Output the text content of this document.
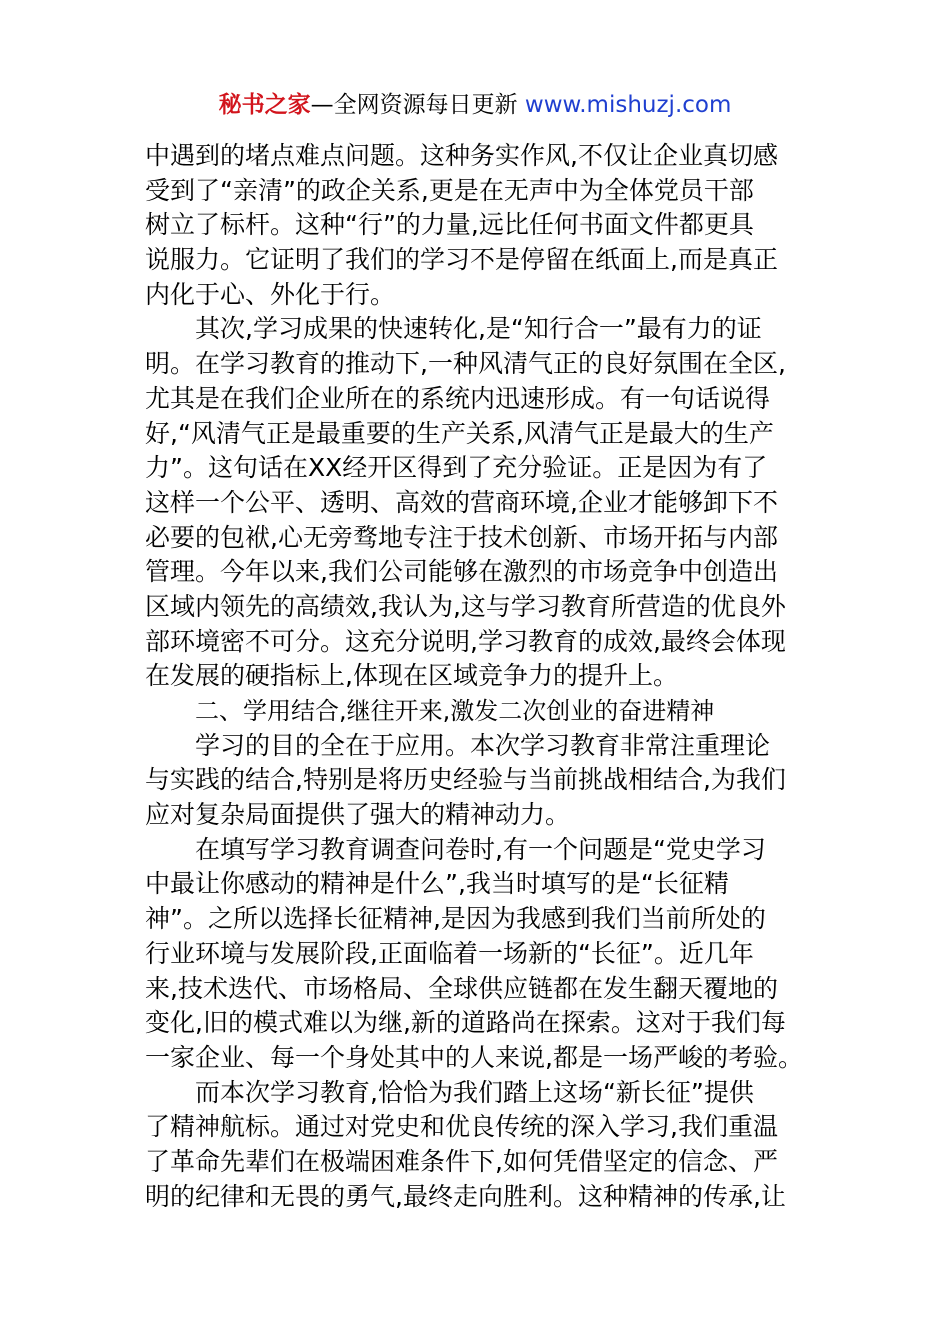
秘书之家—全网资源每日更新 www.mishuzj.com
中遇到的堵点难点问题。这种务实作风,不仅让企业真切感
受到了“亲清”的政企关系,更是在无声中为全体党员干部
树立了标杆。这种“行”的力量,远比任何书面文件都更具
说服力。它证明了我们的学习不是停留在纸面上,而是真正
内化于心、外化于行。
其次,学习成果的快速转化,是“知行合一”最有力的证
明。在学习教育的推动下,一种风清气正的良好氛围在全区,
尤其是在我们企业所在的系统内迅速形成。有一句话说得
好,“风清气正是最重要的生产关系,风清气正是最大的生产
力”。这句话在XX经开区得到了充分验证。正是因为有了
这样一个公平、透明、高效的营商环境,企业才能够卸下不
必要的包袱,心无旁骛地专注于技术创新、市场开拓与内部
管理。今年以来,我们公司能够在激烈的市场竞争中创造出
区域内领先的高绩效,我认为,这与学习教育所营造的优良外
部环境密不可分。这充分说明,学习教育的成效,最终会体现
在发展的硬指标上,体现在区域竞争力的提升上。
二、学用结合,继往开来,激发二次创业的奋进精神
学习的目的全在于应用。本次学习教育非常注重理论
与实践的结合,特别是将历史经验与当前挑战相结合,为我们
应对复杂局面提供了强大的精神动力。
在填写学习教育调查问卷时,有一个问题是“党史学习
中最让你感动的精神是什么”,我当时填写的是“长征精
神”。之所以选择长征精神,是因为我感到我们当前所处的
行业环境与发展阶段,正面临着一场新的“长征”。近几年
来,技术迭代、市场格局、全球供应链都在发生翻天覆地的
变化,旧的模式难以为继,新的道路尚在探索。这对于我们每
一家企业、每一个身处其中的人来说,都是一场严峻的考验。
而本次学习教育,恰恰为我们踏上这场“新长征”提供
了精神航标。通过对党史和优良传统的深入学习,我们重温
了革命先辈们在极端困难条件下,如何凭借坚定的信念、严
明的纪律和无畏的勇气,最终走向胜利。这种精神的传承,让
